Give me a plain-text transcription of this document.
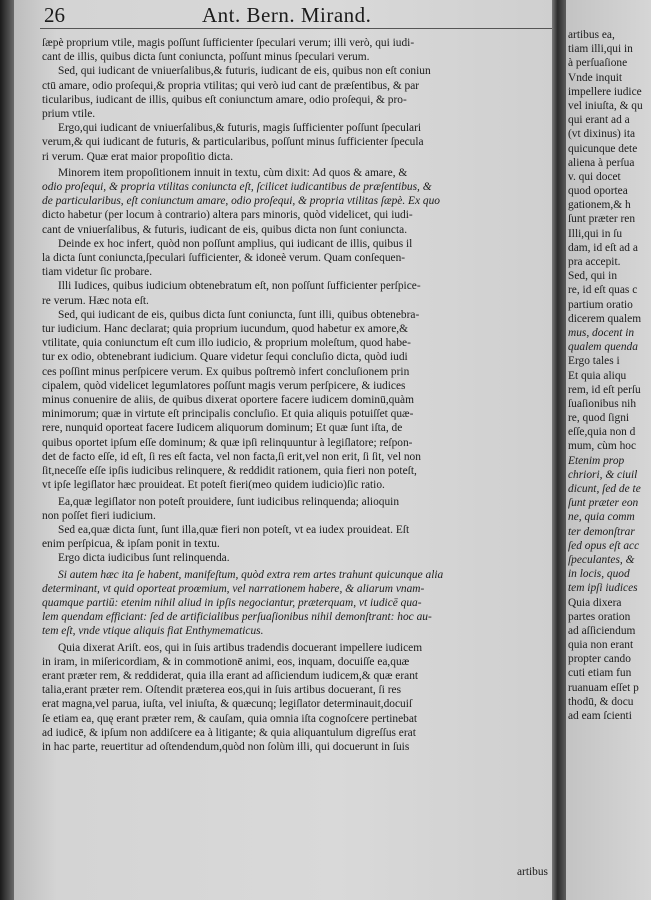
26	Ant. Bern. Mirand.

ſæpè proprium vtile, magis poſſunt ſufficienter ſpeculari verum; illi verò, qui iudi-

cant de illis, quibus dicta ſunt coniuncta, poſſunt minus ſpeculari verum.

Sed, qui iudicant de vniuerſalibus,& futuris, iudicant de eis, quibus non eſt coniun

ctū amare, odio proſequi,& propria vtilitas; qui verò iud cant de præſentibus, & par

ticularibus, iudicant de illis, quibus eſt coniunctum amare, odio proſequi, & pro-

prium vtile.

Ergo,qui iudicant de vniuerſalibus,& futuris, magis ſufficienter poſſunt ſpeculari

verum,& qui iudicant de futuris, & particularibus, poſſunt minus ſufficienter ſpecula

ri verum. Quæ erat maior propoſitio dicta.

Minorem item propoſitionem innuit in textu, cùm dixit: Ad quos & amare, &

odio proſequi, & propria vtilitas coniuncta eſt, ſcilicet iudicantibus de præſentibus, &

de particularibus, eſt coniunctum amare, odio proſequi, & propria vtilitas ſæpè. Ex quo

dicto habetur (per locum à contrario) altera pars minoris, quòd videlicet, qui iudi-

cant de vniuerſalibus, & futuris, iudicant de eis, quibus dicta non ſunt coniuncta.

Deinde ex hoc infert, quòd non poſſunt amplius, qui iudicant de illis, quibus il

la dicta ſunt coniuncta,ſpeculari ſufficienter, & idoneè verum. Quam conſequen-

tiam videtur ſic probare.

Illi Iudices, quibus iudicium obtenebratum eſt, non poſſunt ſufficienter perſpice-

re verum. Hæc nota eſt.

Sed, qui iudicant de eis, quibus dicta ſunt coniuncta, ſunt illi, quibus obtenebra-

tur iudicium. Hanc declarat; quia proprium iucundum, quod habetur ex amore,&

vtilitate, quia coniunctum eſt cum illo iudicio, & proprium moleſtum, quod habe-

tur ex odio, obtenebrant iudicium. Quare videtur ſequi concluſio dicta, quòd iudi

ces poſſint minus perſpicere verum. Ex quibus poſtremò infert concluſionem prin

cipalem, quòd videlicet legumlatores poſſunt magis verum perſpicere, & iudices

minus conuenire de aliis, de quibus dixerat oportere facere iudicem dominū,quàm

minimorum; quæ in virtute eſt principalis concluſio. Et quia aliquis potuiſſet quæ-

rere, nunquid oporteat facere Iudicem aliquorum dominum; Et quæ ſunt iſta, de

quibus oportet ipſum eſſe dominum; & quæ ipſi relinquuntur à legiſlatore; reſpon-

det de facto eſſe, id eſt, ſi res eſt facta, vel non facta,ſi erit,vel non erit, ſi ſit, vel non

ſit,neceſſe eſſe ipſis iudicibus relinquere, & reddidit rationem, quia fieri non poteſt,

vt ipſe legiſlator hæc prouideat. Et poteſt fieri(meo quidem iudicio)ſic ratio.

Ea,quæ legiſlator non poteſt prouidere, ſunt iudicibus relinquenda; alioquin

non poſſet fieri iudicium.

Sed ea,quæ dicta ſunt, ſunt illa,quæ fieri non poteſt, vt ea iudex prouideat. Eſt

enim perſpicua, & ipſam ponit in textu.

Ergo dicta iudicibus ſunt relinquenda.

Si autem hæc ita ſe habent, manifeſtum, quòd extra rem artes trahunt quicunque alia

determinant, vt quid oporteat proœmium, vel narrationem habere, & aliarum vnam-

quamque partiū: etenim nihil aliud in ipſis negociantur, præterquam, vt iudicē qua-

lem quendam efficiant: ſed de artificialibus perſuaſionibus nihil demonſtrant: hoc au-

tem eſt, vnde vtique aliquis fiat Enthymematicus.

Quia dixerat Ariſt. eos, qui in ſuis artibus tradendis docuerant impellere iudicem

in iram, in miſericordiam, & in commotionē animi, eos, inquam, docuiſſe ea,quæ

erant præter rem, & reddiderat, quia illa erant ad aſſiciendum iudicem,& quæ erant

talia,erant præter rem. Oſtendit præterea eos,qui in ſuis artibus docuerant, ſi res

erat magna,vel parua, iuſta, vel iniuſta, & quæcunq; legiſlator determinauit,docuiſ

ſe etiam ea, quę erant præter rem, & cauſam, quia omnia iſta cognoſcere pertinebat

ad iudicē, & ipſum non addiſcere ea à litigante; & quia aliquantulum digreſſus erat

in hac parte, reuertitur ad oſtendendum,quòd non ſolùm illi, qui docuerunt in ſuis

artibus
artibus ea,
tiam illi,qui in
à perſuaſione
Vnde inquit
impellere iudice
vel iniuſta, & qu
qui erant ad a
(vt dixinus) ita
quicunque dete
aliena à perſua
v. qui docet
quod oportea
gationem,& h
ſunt præter ren
Illi,qui in ſu
dam, id eſt ad a
pra accepit.
Sed, qui in
re, id eſt quas c
partium oratio
dicerem qualem
mus, docent in
qualem quenda
Ergo tales i
Et quia aliqu
rem, id eſt perſu
ſuaſionibus nih
re, quod ſigni
eſſe,quia non d
mum, cùm hoc
Etenim prop
chriori, & ciuil
dicunt, ſed de te
ſunt præter eon
ne, quia comm
ter demonſtrar
ſed opus eſt acc
ſpeculantes, &
in locis, quod
tem ipſi iudices
Quia dixera
partes oration
ad aſſiciendum
quia non erant
propter cando
cuti etiam fun
ruanuam eſſet p
thodū, & docu
ad eam ſcienti
